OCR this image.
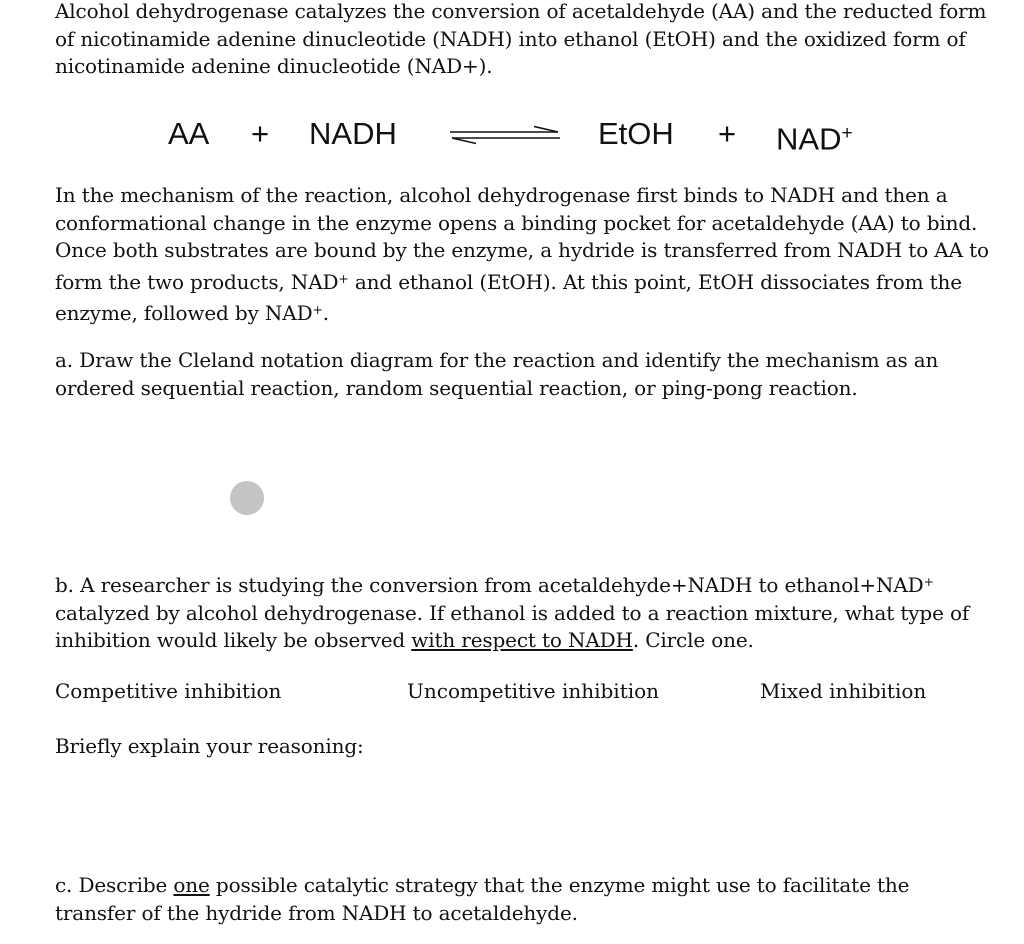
Alcohol dehydrogenase catalyzes the conversion of acetaldehyde (AA) and the reducted form of nicotinamide adenine dinucleotide (NADH) into ethanol (EtOH) and the oxidized form of nicotinamide adenine dinucleotide (NAD+).

AA + NADH	EtOH + NAD+

In the mechanism of the reaction, alcohol dehydrogenase first binds to NADH and then a conformational change in the enzyme opens a binding pocket for acetaldehyde (AA) to bind. Once both substrates are bound by the enzyme, a hydride is transferred from NADH to AA to form the two products, NAD+ and ethanol (EtOH). At this point, EtOH dissociates from the enzyme, followed by NAD+.

a. Draw the Cleland notation diagram for the reaction and identify the mechanism as an ordered sequential reaction, random sequential reaction, or ping-pong reaction.

b. A researcher is studying the conversion from acetaldehyde+NADH to ethanol+NAD+ catalyzed by alcohol dehydrogenase. If ethanol is added to a reaction mixture, what type of inhibition would likely be observed with respect to NADH. Circle one.

Competitive inhibition	Uncompetitive inhibition	Mixed inhibition

Briefly explain your reasoning:

c. Describe one possible catalytic strategy that the enzyme might use to facilitate the transfer of the hydride from NADH to acetaldehyde.
